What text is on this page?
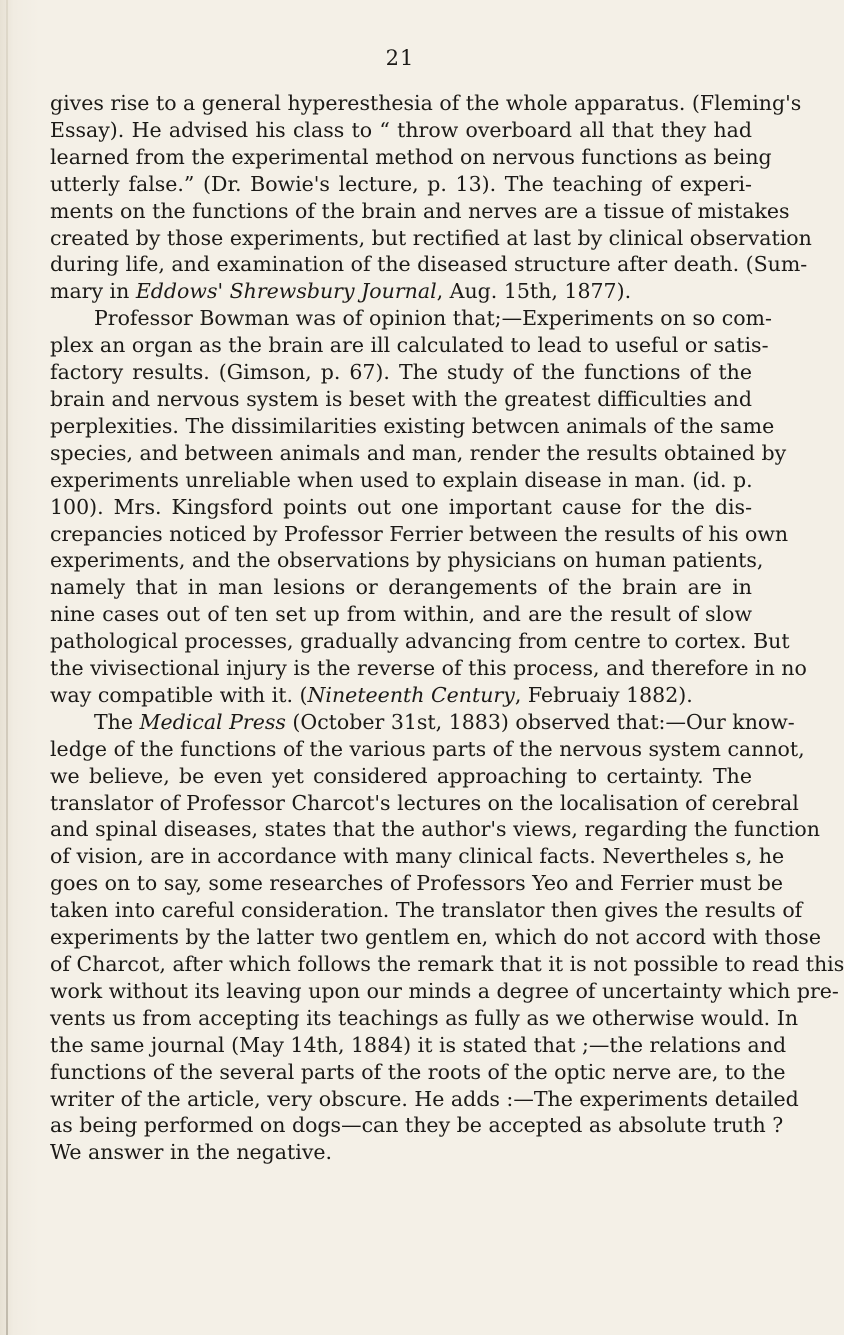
21

gives rise to a general hyperesthesia of the whole apparatus. (Fleming's

Essay). He advised his class to “ throw overboard all that they had

learned from the experimental method on nervous functions as being

utterly false.” (Dr. Bowie's lecture, p. 13). The teaching of experi-

ments on the functions of the brain and nerves are a tissue of mistakes

created by those experiments, but rectified at last by clinical observation

during life, and examination of the diseased structure after death. (Sum-

mary in Eddows' Shrewsbury Journal, Aug. 15th, 1877).

Professor Bowman was of opinion that;—Experiments on so com-

plex an organ as the brain are ill calculated to lead to useful or satis-

factory results. (Gimson, p. 67). The study of the functions of the

brain and nervous system is beset with the greatest difficulties and

perplexities. The dissimilarities existing betwcen animals of the same

species, and between animals and man, render the results obtained by

experiments unreliable when used to explain disease in man. (id. p.

100). Mrs. Kingsford points out one important cause for the dis-

crepancies noticed by Professor Ferrier between the results of his own

experiments, and the observations by physicians on human patients,

namely that in man lesions or derangements of the brain are in

nine cases out of ten set up from within, and are the result of slow

pathological processes, gradually advancing from centre to cortex. But

the vivisectional injury is the reverse of this process, and therefore in no

way compatible with it. (Nineteenth Century, Februaiy 1882).

The Medical Press (October 31st, 1883) observed that:—Our know-

ledge of the functions of the various parts of the nervous system cannot,

we believe, be even yet considered approaching to certainty. The

translator of Professor Charcot's lectures on the localisation of cerebral

and spinal diseases, states that the author's views, regarding the function

of vision, are in accordance with many clinical facts. Nevertheles s, he

goes on to say, some researches of Professors Yeo and Ferrier must be

taken into careful consideration. The translator then gives the results of

experiments by the latter two gentlem en, which do not accord with those

of Charcot, after which follows the remark that it is not possible to read this

work without its leaving upon our minds a degree of uncertainty which pre-

vents us from accepting its teachings as fully as we otherwise would. In

the same journal (May 14th, 1884) it is stated that ;—the relations and

functions of the several parts of the roots of the optic nerve are, to the

writer of the article, very obscure. He adds :—The experiments detailed

as being performed on dogs—can they be accepted as absolute truth ?

We answer in the negative.
